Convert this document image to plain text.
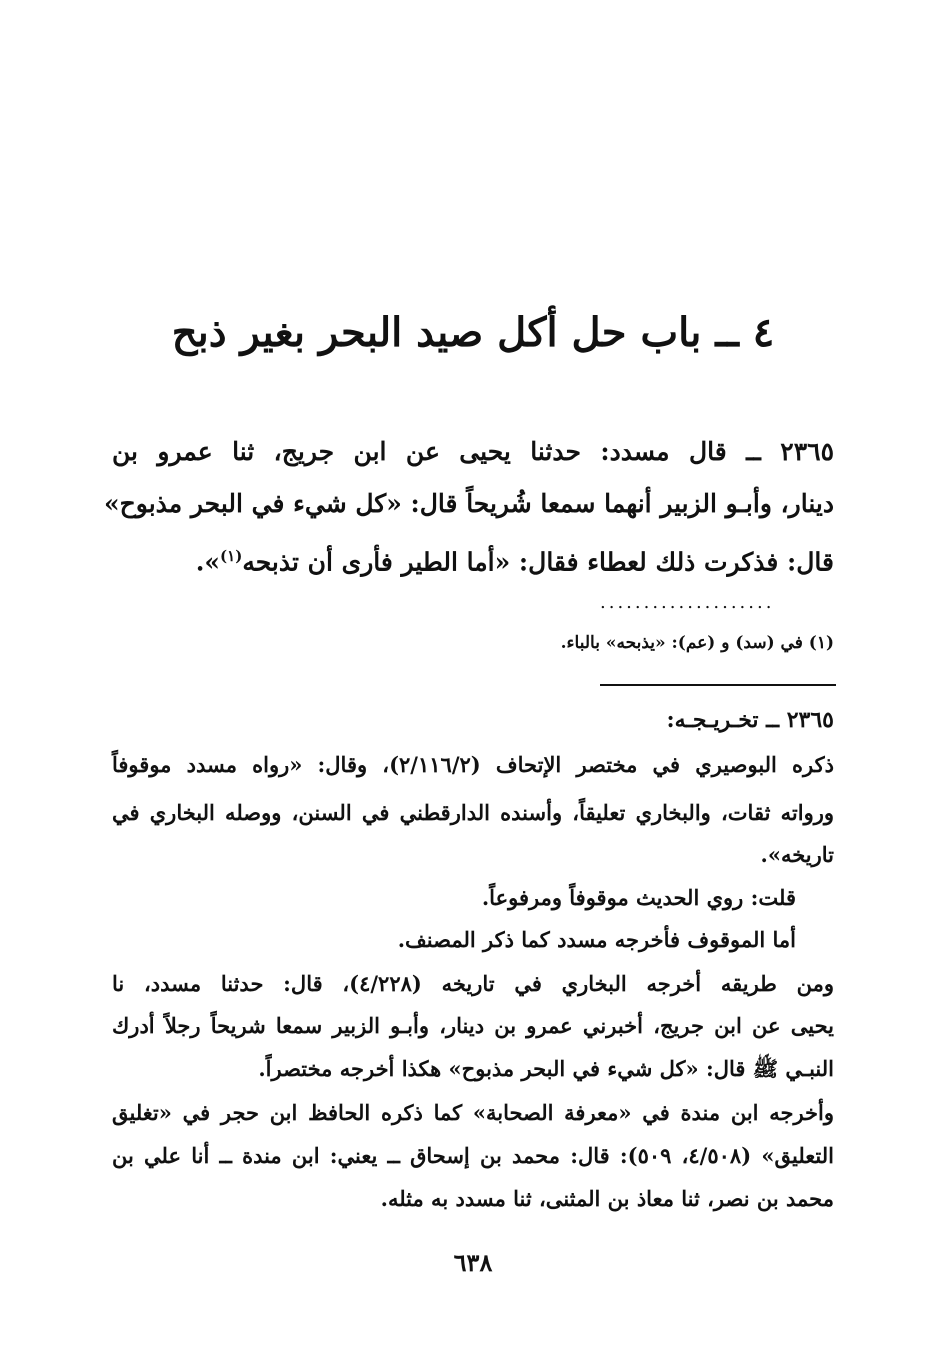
٤ ــ باب حل أكل صيد البحر بغير ذبح
٢٣٦٥ ــ قال مسدد: حدثنا يحيى عن ابن جريج، ثنا عمرو بن
دينار، وأبـو الزبير أنهما سمعا شُريحاً قال: «كل شيء في البحر مذبوح»
قال: فذكرت ذلك لعطاء فقال: «أما الطير فأرى أن تذبحه$^{(١)}$».
....................
(١) في (سد) و (عم): «يذبحه» بالباء.
٢٣٦٥ ــ تخـريـجـه:
ذكره البوصيري في مختصر الإتحاف (٢/١١٦/٢)، وقال: «رواه مسدد موقوفاً
ورواته ثقات، والبخاري تعليقاً، وأسنده الدارقطني في السنن، ووصله البخاري في
تاريخه».
قلت: روي الحديث موقوفاً ومرفوعاً.
أما الموقوف فأخرجه مسدد كما ذكر المصنف.
ومن طريقه أخرجه البخاري في تاريخه (٤/٢٢٨)، قال: حدثنا مسدد، نا
يحيى عن ابن جريج، أخبرني عمرو بن دينار، وأبـو الزبير سمعا شريحاً رجلاً أدرك
النبـي ﷺ قال: «كل شيء في البحر مذبوح» هكذا أخرجه مختصراً.
وأخرجه ابن مندة في «معرفة الصحابة» كما ذكره الحافظ ابن حجر في «تغليق
التعليق» (٤/٥٠٨، ٥٠٩): قال: محمد بن إسحاق ــ يعني: ابن مندة ــ أنا علي بن
محمد بن نصر، ثنا معاذ بن المثنى، ثنا مسدد به مثله.
٦٣٨
